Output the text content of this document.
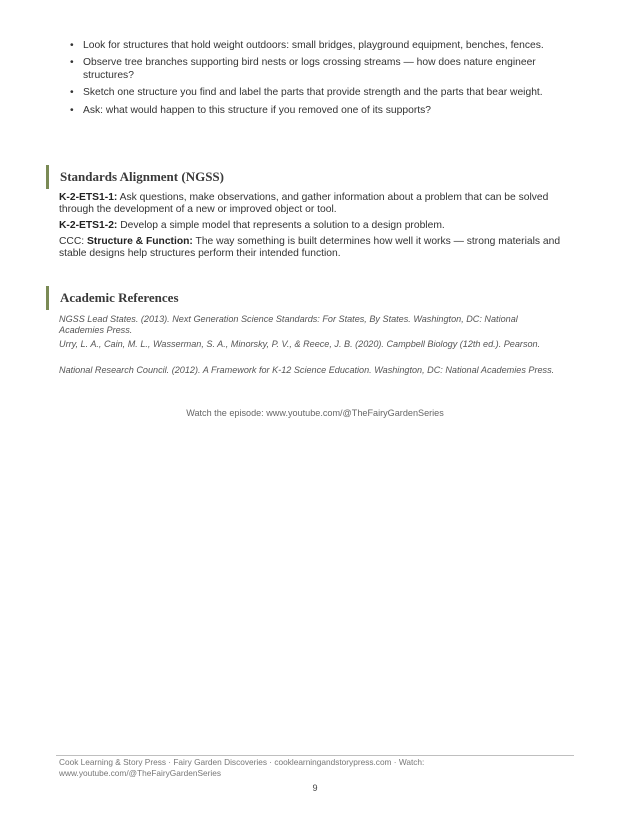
• Look for structures that hold weight outdoors: small bridges, playground equipment, benches, fences.
• Observe tree branches supporting bird nests or logs crossing streams — how does nature engineer structures?
• Sketch one structure you find and label the parts that provide strength and the parts that bear weight.
• Ask: what would happen to this structure if you removed one of its supports?
Standards Alignment (NGSS)
K-2-ETS1-1: Ask questions, make observations, and gather information about a problem that can be solved through the development of a new or improved object or tool.
K-2-ETS1-2: Develop a simple model that represents a solution to a design problem.
CCC: Structure & Function: The way something is built determines how well it works — strong materials and stable designs help structures perform their intended function.
Academic References
NGSS Lead States. (2013). Next Generation Science Standards: For States, By States. Washington, DC: National Academies Press.
Urry, L. A., Cain, M. L., Wasserman, S. A., Minorsky, P. V., & Reece, J. B. (2020). Campbell Biology (12th ed.). Pearson.
National Research Council. (2012). A Framework for K-12 Science Education. Washington, DC: National Academies Press.
Watch the episode: www.youtube.com/@TheFairyGardenSeries
Cook Learning & Story Press · Fairy Garden Discoveries · cooklearningandstorypress.com · Watch: www.youtube.com/@TheFairyGardenSeries
9
